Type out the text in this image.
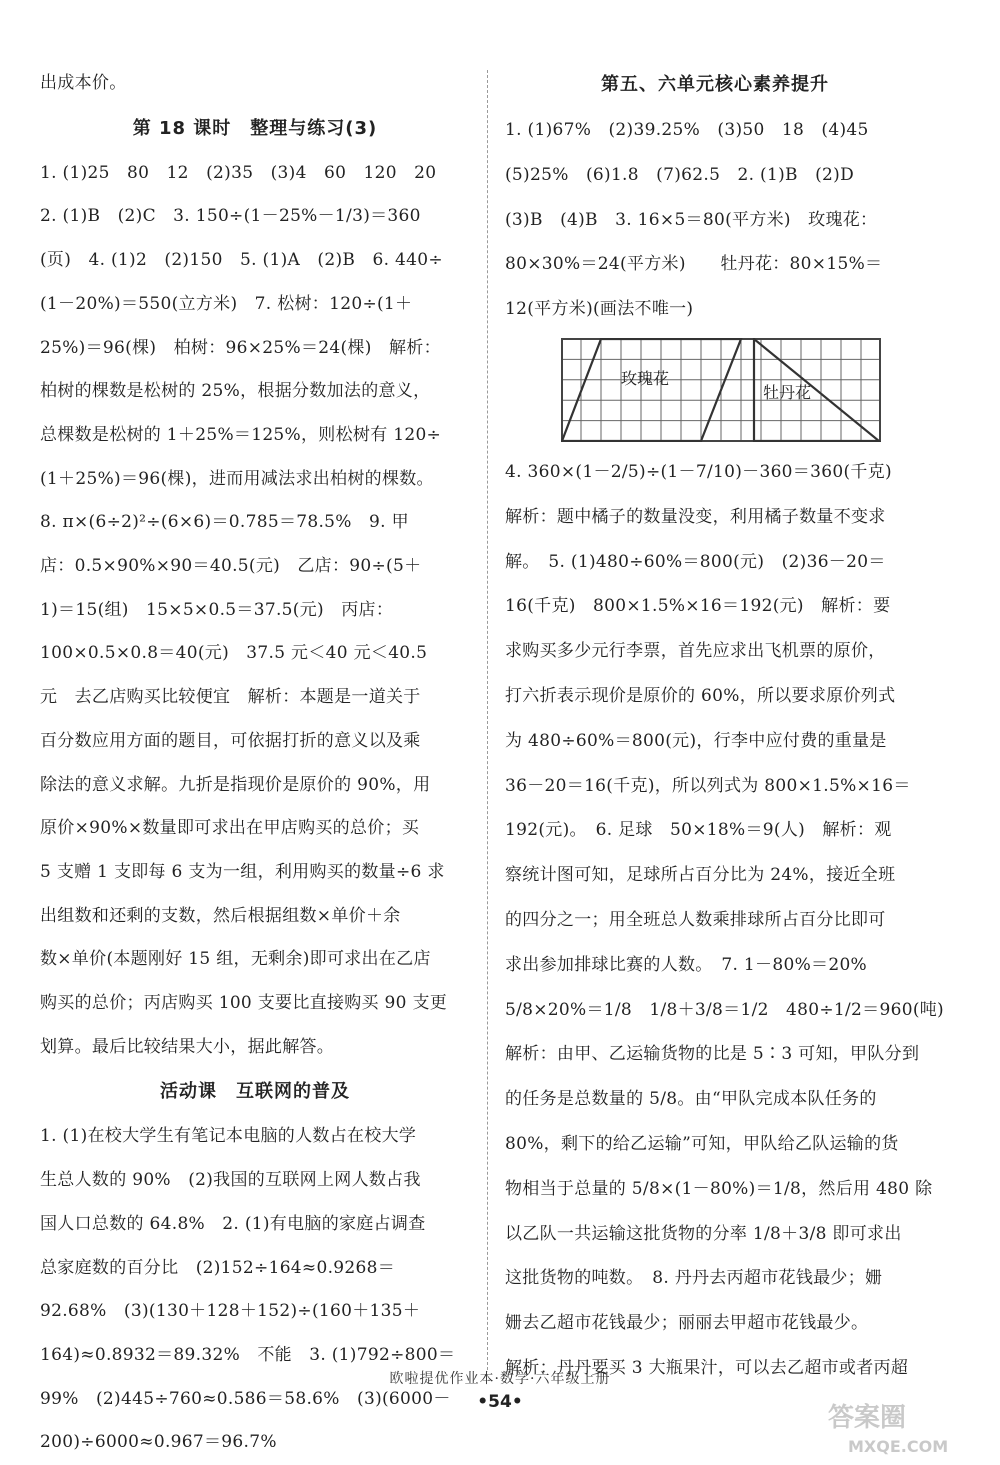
出成本价。

第 18 课时　整理与练习(3)

1. (1)25　80　12　(2)35　(3)4　60　120　20

2. (1)B　(2)C　3. 150÷(1－25%－1/3)＝360

(页)　4. (1)2　(2)150　5. (1)A　(2)B　6. 440÷

(1－20%)＝550(立方米)　7. 松树：120÷(1＋

25%)＝96(棵)　柏树：96×25%＝24(棵)　解析：

柏树的棵数是松树的 25%，根据分数加法的意义，

总棵数是松树的 1＋25%＝125%，则松树有 120÷

(1＋25%)＝96(棵)，进而用减法求出柏树的棵数。

8. π×(6÷2)²÷(6×6)＝0.785＝78.5%　9. 甲

店：0.5×90%×90＝40.5(元)　乙店：90÷(5＋

1)＝15(组)　15×5×0.5＝37.5(元)　丙店：

100×0.5×0.8＝40(元)　37.5 元＜40 元＜40.5

元　去乙店购买比较便宜　解析：本题是一道关于

百分数应用方面的题目，可依据打折的意义以及乘

除法的意义求解。九折是指现价是原价的 90%，用

原价×90%×数量即可求出在甲店购买的总价；买

5 支赠 1 支即每 6 支为一组，利用购买的数量÷6 求

出组数和还剩的支数，然后根据组数×单价＋余

数×单价(本题刚好 15 组，无剩余)即可求出在乙店

购买的总价；丙店购买 100 支要比直接购买 90 支更

划算。最后比较结果大小，据此解答。

活动课　互联网的普及

1. (1)在校大学生有笔记本电脑的人数占在校大学

生总人数的 90%　(2)我国的互联网上网人数占我

国人口总数的 64.8%　2. (1)有电脑的家庭占调查

总家庭数的百分比　(2)152÷164≈0.9268＝

92.68%　(3)(130＋128＋152)÷(160＋135＋

164)≈0.8932＝89.32%　不能　3. (1)792÷800＝

99%　(2)445÷760≈0.586＝58.6%　(3)(6000－

200)÷6000≈0.967＝96.7%

第五、六单元核心素养提升

1. (1)67%　(2)39.25%　(3)50　18　(4)45

(5)25%　(6)1.8　(7)62.5　2. (1)B　(2)D

(3)B　(4)B　3. 16×5＝80(平方米)　玫瑰花：

80×30%＝24(平方米)　　牡丹花：80×15%＝

12(平方米)(画法不唯一)

玫瑰花
牡丹花

4. 360×(1－2/5)÷(1－7/10)－360＝360(千克)

解析：题中橘子的数量没变，利用橘子数量不变求

解。　5. (1)480÷60%＝800(元)　(2)36－20＝

16(千克)　800×1.5%×16＝192(元)　解析：要

求购买多少元行李票，首先应求出飞机票的原价，

打六折表示现价是原价的 60%，所以要求原价列式

为 480÷60%＝800(元)，行李中应付费的重量是

36－20＝16(千克)，所以列式为 800×1.5%×16＝

192(元)。　6. 足球　50×18%＝9(人)　解析：观

察统计图可知，足球所占百分比为 24%，接近全班

的四分之一；用全班总人数乘排球所占百分比即可

求出参加排球比赛的人数。　7. 1－80%＝20%

5/8×20%＝1/8　1/8＋3/8＝1/2　480÷1/2＝960(吨)

解析：由甲、乙运输货物的比是 5∶3 可知，甲队分到

的任务是总数量的 5/8。由“甲队完成本队任务的

80%，剩下的给乙运输”可知，甲队给乙队运输的货

物相当于总量的 5/8×(1－80%)＝1/8，然后用 480 除

以乙队一共运输这批货物的分率 1/8＋3/8 即可求出

这批货物的吨数。　8. 丹丹去丙超市花钱最少；姗

姗去乙超市花钱最少；丽丽去甲超市花钱最少。

解析：丹丹要买 3 大瓶果汁，可以去乙超市或者丙超

欧啦提优作业本·数学·六年级上册
•54•
答案圈
MXQE.COM
